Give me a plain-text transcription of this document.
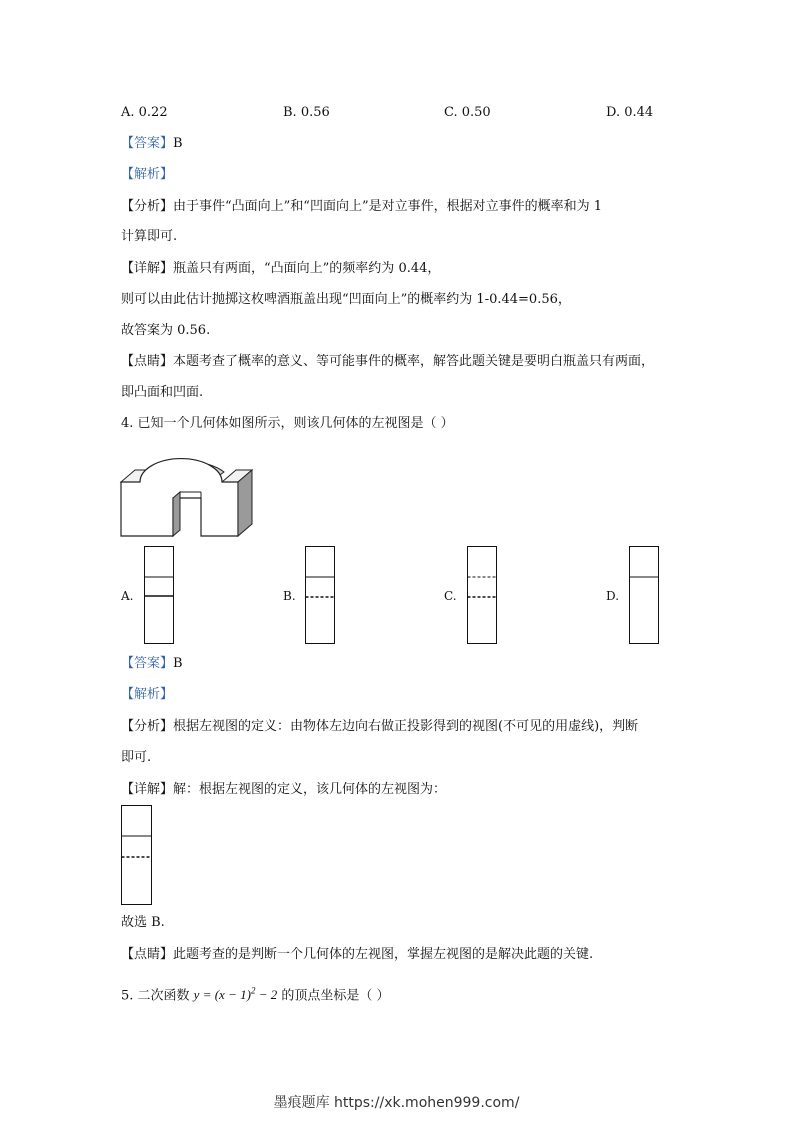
A. 0.22	B. 0.56	C. 0.50	D. 0.44
【答案】B
【解析】
【分析】由于事件“凸面向上”和“凹面向上”是对立事件，根据对立事件的概率和为 1
计算即可.
【详解】瓶盖只有两面，“凸面向上”的频率约为 0.44，
则可以由此估计抛掷这枚啤酒瓶盖出现“凹面向上”的概率约为 1-0.44=0.56，
故答案为 0.56.
【点睛】本题考查了概率的意义、等可能事件的概率，解答此题关键是要明白瓶盖只有两面，
即凸面和凹面.
4. 已知一个几何体如图所示，则该几何体的左视图是（ ）
A.	B.	C.	D.
【答案】B
【解析】
【分析】根据左视图的定义：由物体左边向右做正投影得到的视图(不可见的用虚线)，判断
即可.
【详解】解：根据左视图的定义，该几何体的左视图为：
故选 B.
【点睛】此题考查的是判断一个几何体的左视图，掌握左视图的是解决此题的关键.
5. 二次函数 $y = (x - 1)^2 - 2$ 的顶点坐标是（ ）
墨痕题库 https://xk.mohen999.com/
